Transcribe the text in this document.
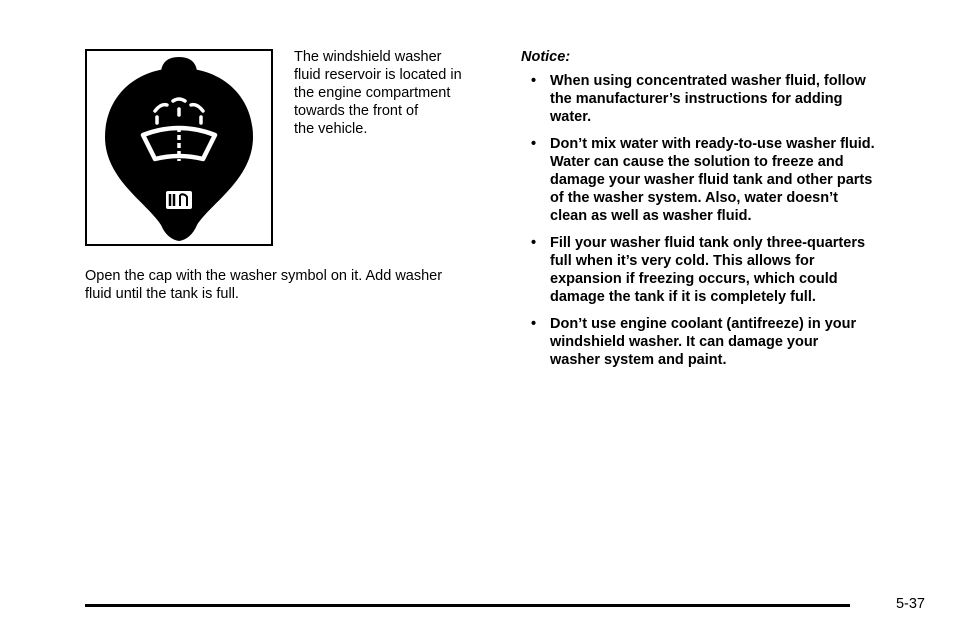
The windshield washer
fluid reservoir is located in
the engine compartment
towards the front of
the vehicle.
Open the cap with the washer symbol on it. Add washer
fluid until the tank is full.

Notice:

• When using concentrated washer fluid, follow
the manufacturer’s instructions for adding
water.
• Don’t mix water with ready-to-use washer fluid.
Water can cause the solution to freeze and
damage your washer fluid tank and other parts
of the washer system. Also, water doesn’t
clean as well as washer fluid.
• Fill your washer fluid tank only three-quarters
full when it’s very cold. This allows for
expansion if freezing occurs, which could
damage the tank if it is completely full.
• Don’t use engine coolant (antifreeze) in your
windshield washer. It can damage your
washer system and paint.
5-37
